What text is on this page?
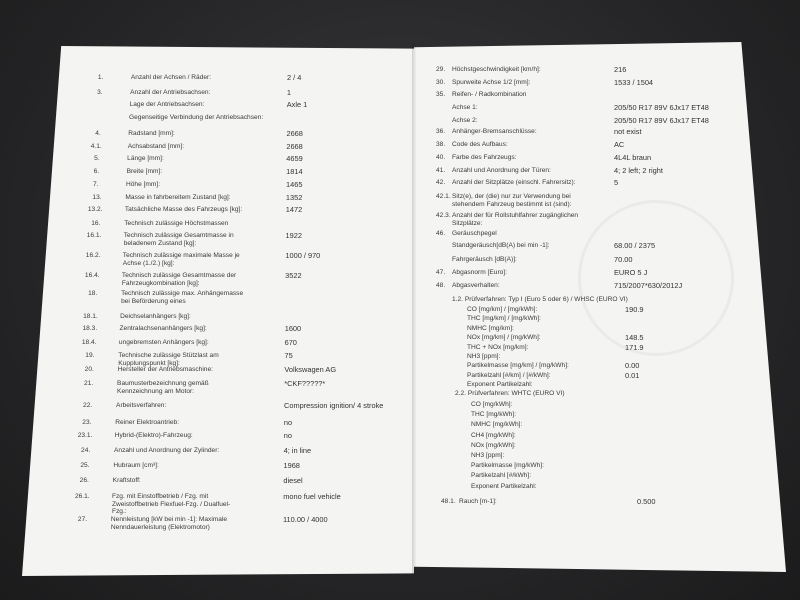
1.	Anzahl der Achsen / Räder:	2 / 4
3.	Anzahl der Antriebsachsen:	1
Lage der Antriebsachsen:	Axle 1
Gegenseitige Verbindung der Antriebsachsen:
4.	Radstand [mm]:	2668
4.1.	Achsabstand [mm]:	2668
5.	Länge [mm]:	4659
6.	Breite [mm]:	1814
7.	Höhe [mm]:	1465
13.	Masse in fahrbereitem Zustand [kg]:	1352
13.2.	Tatsächliche Masse des Fahrzeugs [kg]:	1472
16.	Technisch zulässige Höchstmassen
16.1.	Technisch zulässige Gesamtmasse in beladenem Zustand [kg]:
1922
16.2.	Technisch zulässige maximale Masse je Achse (1./2.) [kg]:
1000 / 970
16.4.	Technisch zulässige Gesamtmasse der Fahrzeugkombination [kg]:
3522
18.	Technisch zulässige max. Anhängemasse bei Beförderung eines
18.1.	Deichselanhängers [kg]:
18.3.	Zentralachsenanhängers [kg]:	1600
18.4.	ungebremsten Anhängers [kg]:	670
19.	Technische zulässige Stützlast am Kupplungspunkt [kg]:
75
20.	Hersteller der Antriebsmaschine:	Volkswagen AG
21.	Baumusterbezeichnung gemäß Kennzeichnung am Motor:
*CKF?????*
22.	Arbeitsverfahren:	Compression ignition/ 4 stroke
23.	Reiner Elektroantrieb:	no
23.1.	Hybrid-(Elektro)-Fahrzeug:	no
24.	Anzahl und Anordnung der Zylinder:	4; in line
25.	Hubraum [cm³]:	1968
26.	Kraftstoff:	diesel
26.1.	Fzg. mit Einstoffbetrieb / Fzg. mit Zweistoffbetrieb Flexfuel-Fzg. / Dualfuel-Fzg.:
mono fuel vehicle
27.	Nennleistung [kW bei min -1]: Maximale Nenndauerleistung (Elektromotor)
110.00 / 4000
29. Höchstgeschwindigkeit [km/h]:	216
30. Spurweite Achse 1/2 [mm]:	1533 / 1504
35. Reifen- / Radkombination
Achse 1:	205/50 R17 89V 6Jx17 ET48
Achse 2:	205/50 R17 89V 6Jx17 ET48
36. Anhänger-Bremsanschlüsse:	not exist
38. Code des Aufbaus:	AC
40. Farbe des Fahrzeugs:	4L4L braun
41. Anzahl und Anordnung der Türen:	4; 2 left; 2 right
42. Anzahl der Sitzplätze (einschl. Fahrersitz):	5
42.1. Sitz(e), der (die) nur zur Verwendung bei stehendem Fahrzeug bestimmt ist (sind):
42.3. Anzahl der für Rollstuhlfahrer zugänglichen Sitzplätze:
46. Geräuschpegel
Standgeräusch[dB(A) bei min -1]:	68.00 / 2375
Fahrgeräusch [dB(A)]:	70.00
47. Abgasnorm [Euro]:	EURO 5 J
48. Abgasverhalten:	715/2007*630/2012J
1.2. Prüfverfahren: Typ I (Euro 5 oder 6) / WHSC (EURO VI)
CO [mg/km] / [mg/kWh]:	190.9
THC [mg/km] / [mg/kWh]:
NMHC [mg/km]:
NOx [mg/km] / [mg/kWh]:	148.5
THC + NOx [mg/km]:	171.9
NH3 [ppm]:
Partikelmasse [mg/km] / [mg/kWh]:	0.00
Partikelzahl [#/km] / [#/kWh]:	0.01
Exponent Partikelzahl:
2.2. Prüfverfahren: WHTC (EURO VI)
CO [mg/kWh]:
THC [mg/kWh]:
NMHC [mg/kWh]:
CH4 [mg/kWh]:
NOx [mg/kWh]:
NH3 [ppm]:
Partikelmasse [mg/kWh]:
Partikelzahl [#/kWh]:
Exponent Partikelzahl:
48.1. Rauch [m-1]:	0.500
